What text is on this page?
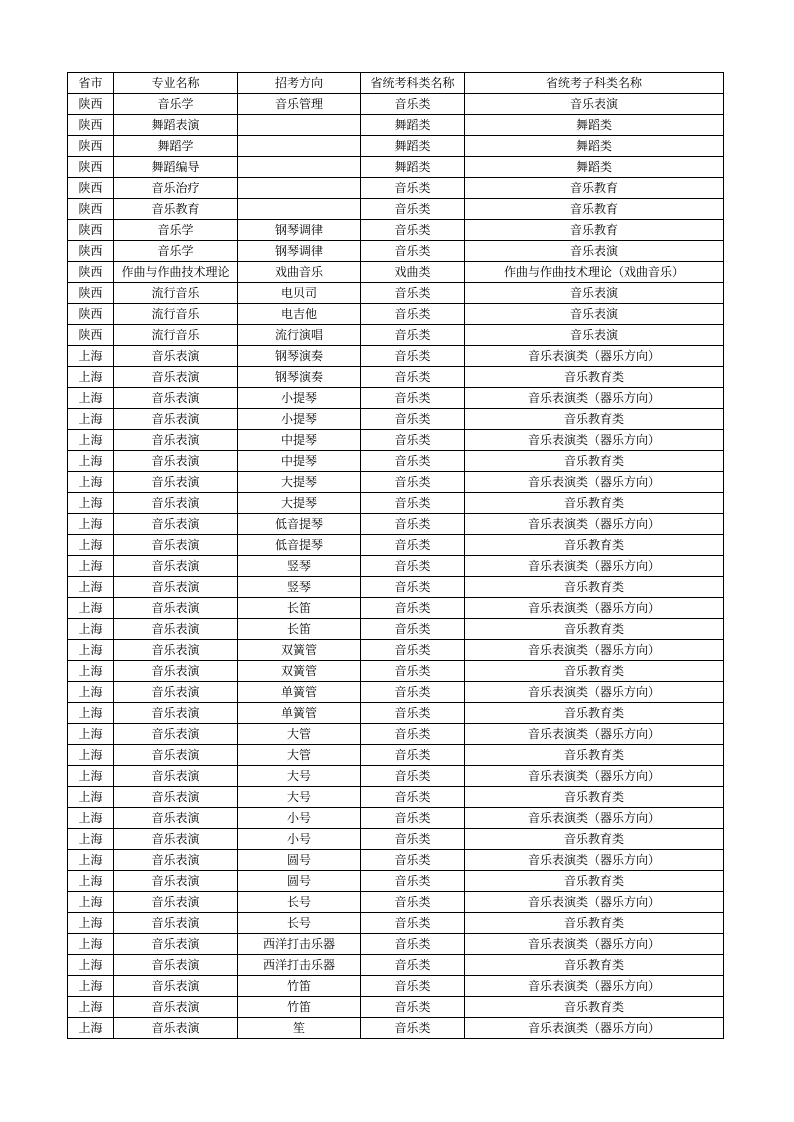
省市	专业名称	招考方向	省统考科类名称	省统考子科类名称
陕西	音乐学	音乐管理	音乐类	音乐表演
陕西	舞蹈表演		舞蹈类	舞蹈类
陕西	舞蹈学		舞蹈类	舞蹈类
陕西	舞蹈编导		舞蹈类	舞蹈类
陕西	音乐治疗		音乐类	音乐教育
陕西	音乐教育		音乐类	音乐教育
陕西	音乐学	钢琴调律	音乐类	音乐教育
陕西	音乐学	钢琴调律	音乐类	音乐表演
陕西	作曲与作曲技术理论	戏曲音乐	戏曲类	作曲与作曲技术理论（戏曲音乐）
陕西	流行音乐	电贝司	音乐类	音乐表演
陕西	流行音乐	电吉他	音乐类	音乐表演
陕西	流行音乐	流行演唱	音乐类	音乐表演
上海	音乐表演	钢琴演奏	音乐类	音乐表演类（器乐方向）
上海	音乐表演	钢琴演奏	音乐类	音乐教育类
上海	音乐表演	小提琴	音乐类	音乐表演类（器乐方向）
上海	音乐表演	小提琴	音乐类	音乐教育类
上海	音乐表演	中提琴	音乐类	音乐表演类（器乐方向）
上海	音乐表演	中提琴	音乐类	音乐教育类
上海	音乐表演	大提琴	音乐类	音乐表演类（器乐方向）
上海	音乐表演	大提琴	音乐类	音乐教育类
上海	音乐表演	低音提琴	音乐类	音乐表演类（器乐方向）
上海	音乐表演	低音提琴	音乐类	音乐教育类
上海	音乐表演	竖琴	音乐类	音乐表演类（器乐方向）
上海	音乐表演	竖琴	音乐类	音乐教育类
上海	音乐表演	长笛	音乐类	音乐表演类（器乐方向）
上海	音乐表演	长笛	音乐类	音乐教育类
上海	音乐表演	双簧管	音乐类	音乐表演类（器乐方向）
上海	音乐表演	双簧管	音乐类	音乐教育类
上海	音乐表演	单簧管	音乐类	音乐表演类（器乐方向）
上海	音乐表演	单簧管	音乐类	音乐教育类
上海	音乐表演	大管	音乐类	音乐表演类（器乐方向）
上海	音乐表演	大管	音乐类	音乐教育类
上海	音乐表演	大号	音乐类	音乐表演类（器乐方向）
上海	音乐表演	大号	音乐类	音乐教育类
上海	音乐表演	小号	音乐类	音乐表演类（器乐方向）
上海	音乐表演	小号	音乐类	音乐教育类
上海	音乐表演	圆号	音乐类	音乐表演类（器乐方向）
上海	音乐表演	圆号	音乐类	音乐教育类
上海	音乐表演	长号	音乐类	音乐表演类（器乐方向）
上海	音乐表演	长号	音乐类	音乐教育类
上海	音乐表演	西洋打击乐器	音乐类	音乐表演类（器乐方向）
上海	音乐表演	西洋打击乐器	音乐类	音乐教育类
上海	音乐表演	竹笛	音乐类	音乐表演类（器乐方向）
上海	音乐表演	竹笛	音乐类	音乐教育类
上海	音乐表演	笙	音乐类	音乐表演类（器乐方向）
